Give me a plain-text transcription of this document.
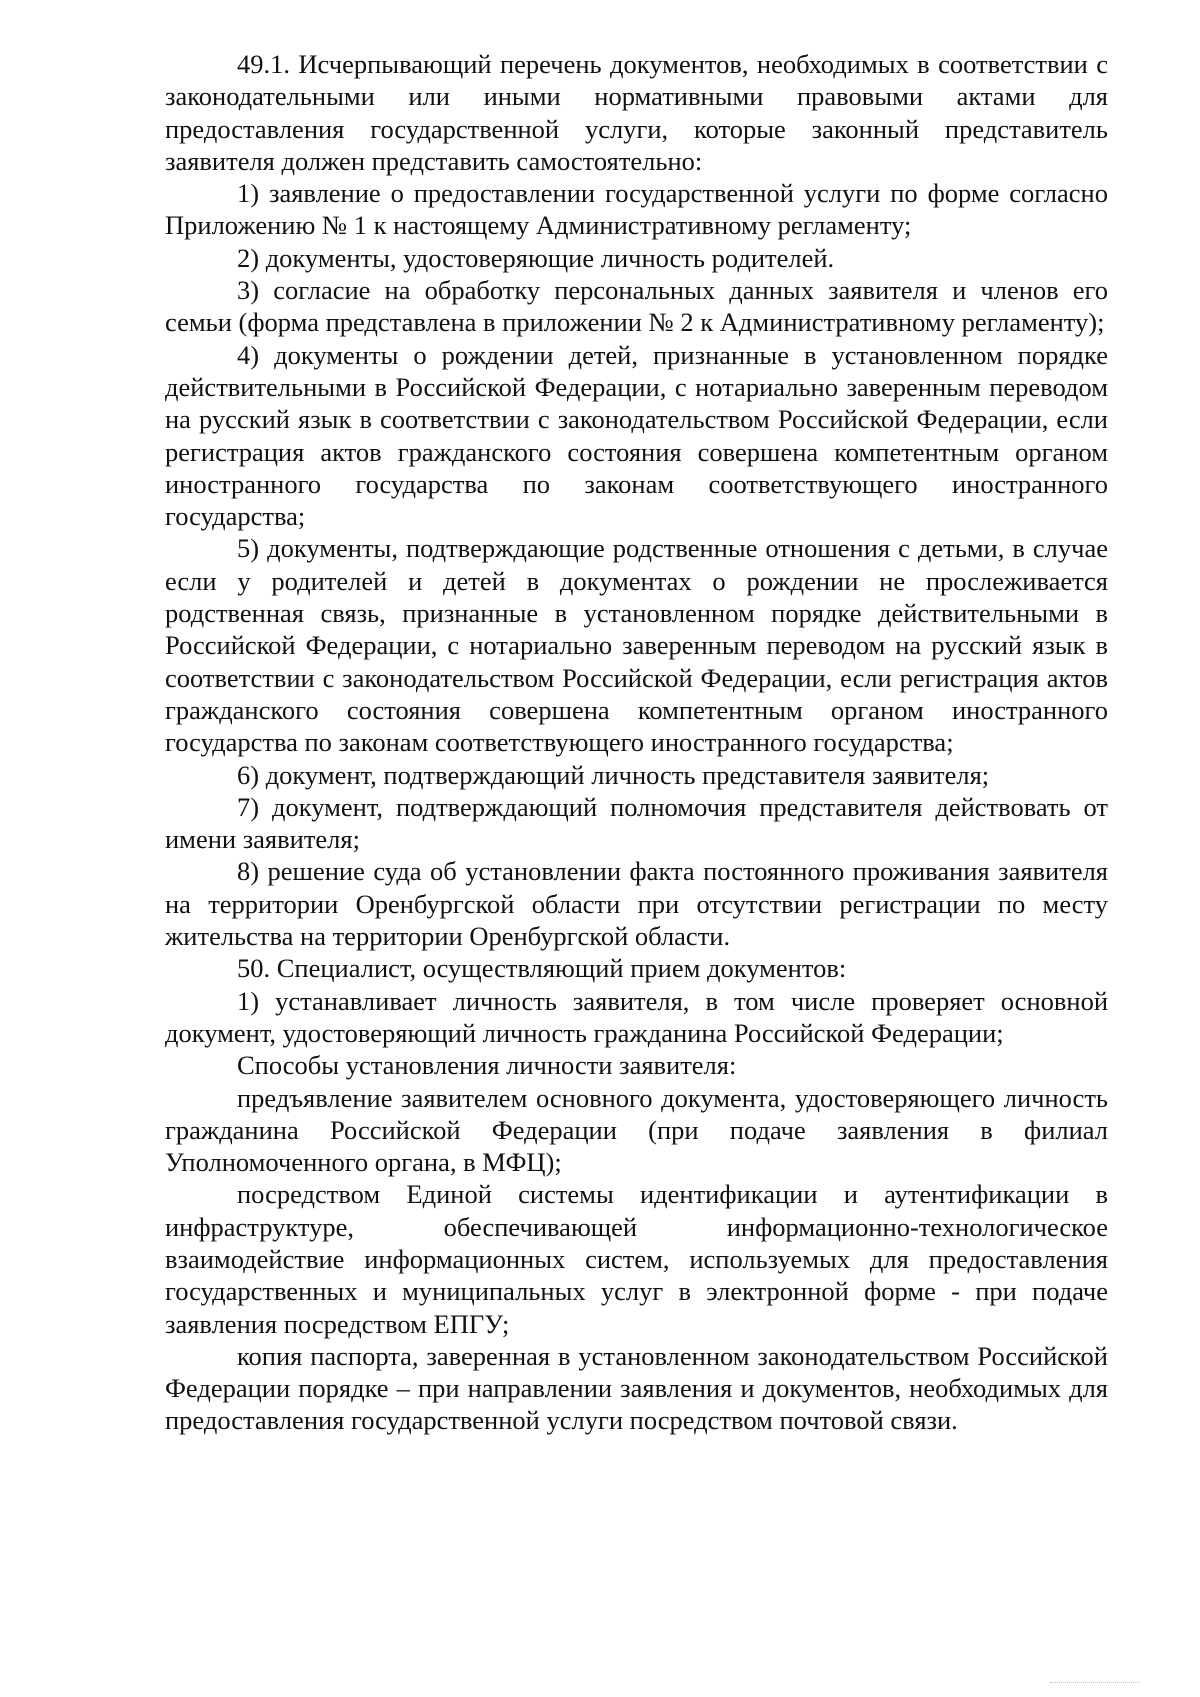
49.1. Исчерпывающий перечень документов, необходимых в соответствии с законодательными или иными нормативными правовыми актами для предоставления государственной услуги, которые законный представитель заявителя должен представить самостоятельно:

1) заявление о предоставлении государственной услуги по форме согласно Приложению № 1 к настоящему Административному регламенту;

2) документы, удостоверяющие личность родителей.

3) согласие на обработку персональных данных заявителя и членов его семьи (форма представлена в приложении № 2 к Административному регламенту);

4) документы о рождении детей, признанные в установленном порядке действительными в Российской Федерации, с нотариально заверенным переводом на русский язык в соответствии с законодательством Российской Федерации, если регистрация актов гражданского состояния совершена компетентным органом иностранного государства по законам соответствующего иностранного государства;

5) документы, подтверждающие родственные отношения с детьми, в случае если у родителей и детей в документах о рождении не прослеживается родственная связь, признанные в установленном порядке действительными в Российской Федерации, с нотариально заверенным переводом на русский язык в соответствии с законодательством Российской Федерации, если регистрация актов гражданского состояния совершена компетентным органом иностранного государства по законам соответствующего иностранного государства;

6) документ, подтверждающий личность представителя заявителя;

7) документ, подтверждающий полномочия представителя действовать от имени заявителя;

8) решение суда об установлении факта постоянного проживания заявителя на территории Оренбургской области при отсутствии регистрации по месту жительства на территории Оренбургской области.

50. Специалист, осуществляющий прием документов:

1) устанавливает личность заявителя, в том числе проверяет основной документ, удостоверяющий личность гражданина Российской Федерации;

Способы установления личности заявителя:

предъявление заявителем основного документа, удостоверяющего личность гражданина Российской Федерации (при подаче заявления в филиал Уполномоченного органа, в МФЦ);

посредством Единой системы идентификации и аутентификации в инфраструктуре, обеспечивающей информационно-технологическое взаимодействие информационных систем, используемых для предоставления государственных и муниципальных услуг в электронной форме - при подаче заявления посредством ЕПГУ;

копия паспорта, заверенная в установленном законодательством Российской Федерации порядке – при направлении заявления и документов, необходимых для предоставления государственной услуги посредством почтовой связи.
